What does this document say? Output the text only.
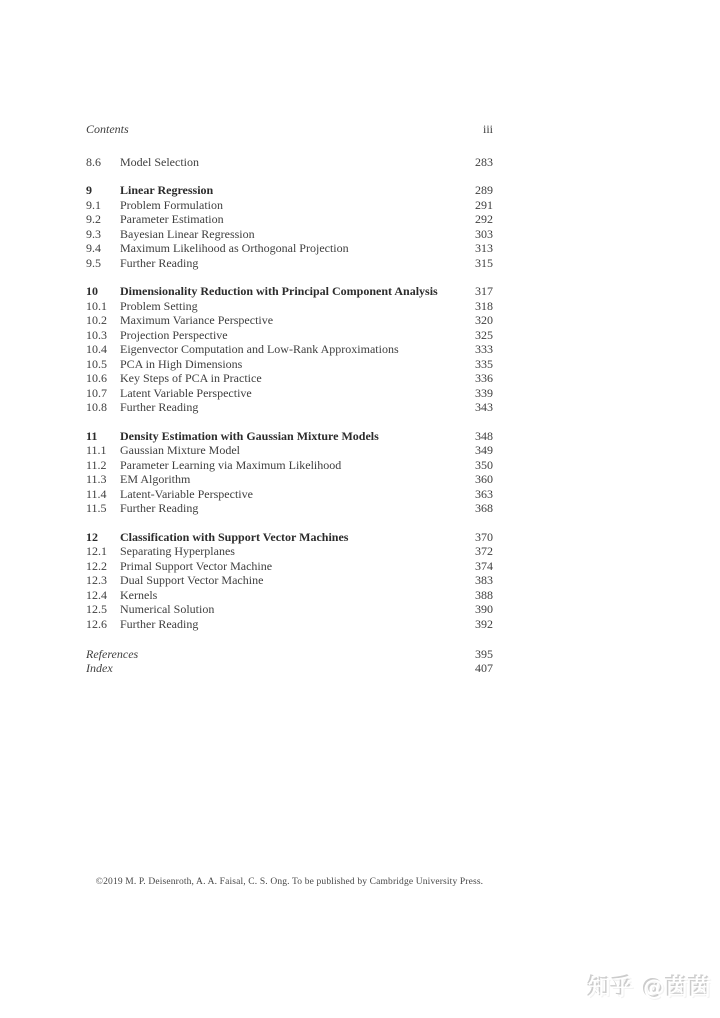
Contents	iii
8.6	Model Selection	283
9	Linear Regression	289
9.1	Problem Formulation	291
9.2	Parameter Estimation	292
9.3	Bayesian Linear Regression	303
9.4	Maximum Likelihood as Orthogonal Projection	313
9.5	Further Reading	315
10	Dimensionality Reduction with Principal Component Analysis	317
10.1	Problem Setting	318
10.2	Maximum Variance Perspective	320
10.3	Projection Perspective	325
10.4	Eigenvector Computation and Low-Rank Approximations	333
10.5	PCA in High Dimensions	335
10.6	Key Steps of PCA in Practice	336
10.7	Latent Variable Perspective	339
10.8	Further Reading	343
11	Density Estimation with Gaussian Mixture Models	348
11.1	Gaussian Mixture Model	349
11.2	Parameter Learning via Maximum Likelihood	350
11.3	EM Algorithm	360
11.4	Latent-Variable Perspective	363
11.5	Further Reading	368
12	Classification with Support Vector Machines	370
12.1	Separating Hyperplanes	372
12.2	Primal Support Vector Machine	374
12.3	Dual Support Vector Machine	383
12.4	Kernels	388
12.5	Numerical Solution	390
12.6	Further Reading	392
References	395
Index	407
©2019 M. P. Deisenroth, A. A. Faisal, C. S. Ong. To be published by Cambridge University Press.
知乎 @茵茵
